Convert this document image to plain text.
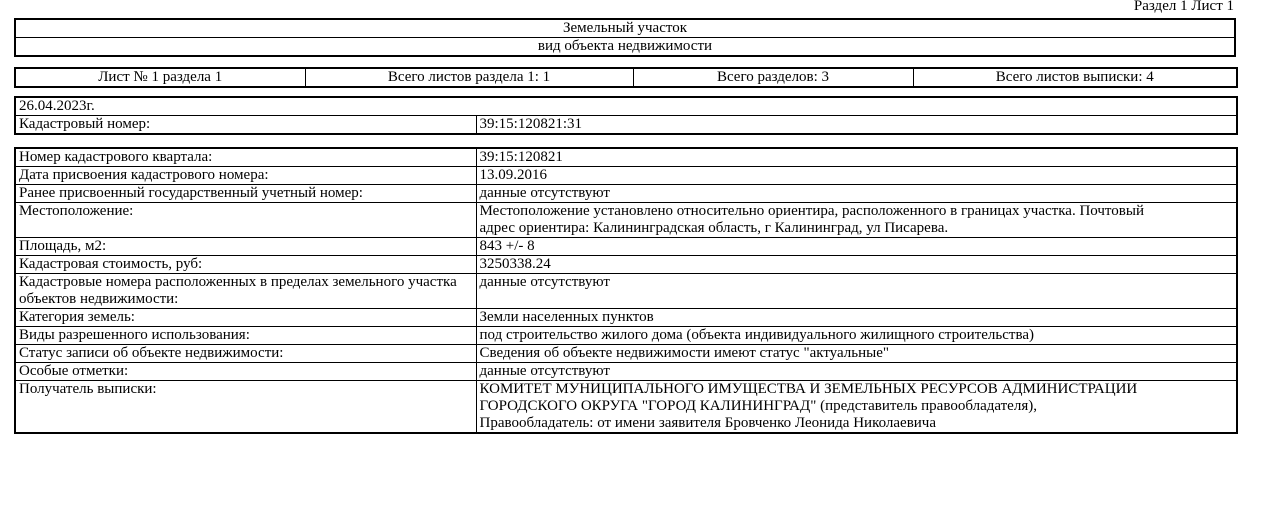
Раздел 1 Лист 1
Земельный участок
вид объекта недвижимости
Лист № 1 раздела 1	Всего листов раздела 1: 1	Всего разделов: 3	Всего листов выписки: 4
26.04.2023г.
Кадастровый номер:	39:15:120821:31
Номер кадастрового квартала:	39:15:120821

Дата присвоения кадастрового номера:	13.09.2016

Ранее присвоенный государственный учетный номер:	данные отсутствуют

Местоположение:	Местоположение установлено относительно ориентира, расположенного в границах участка. Почтовый
адрес ориентира: Калининградская область, г Калининград, ул Писарева.

Площадь, м2:	843 +/- 8

Кадастровая стоимость, руб:	3250338.24

Кадастровые номера расположенных в пределах земельного участка объектов недвижимости:	данные отсутствуют

Категория земель:	Земли населенных пунктов

Виды разрешенного использования:	под строительство жилого дома (объекта индивидуального жилищного строительства)

Статус записи об объекте недвижимости:	Сведения об объекте недвижимости имеют статус "актуальные"

Особые отметки:	данные отсутствуют

Получатель выписки:	КОМИТЕТ МУНИЦИПАЛЬНОГО ИМУЩЕСТВА И ЗЕМЕЛЬНЫХ РЕСУРСОВ АДМИНИСТРАЦИИ
ГОРОДСКОГО ОКРУГА "ГОРОД КАЛИНИНГРАД" (представитель правообладателя),
Правообладатель: от имени заявителя Бровченко Леонида Николаевича
